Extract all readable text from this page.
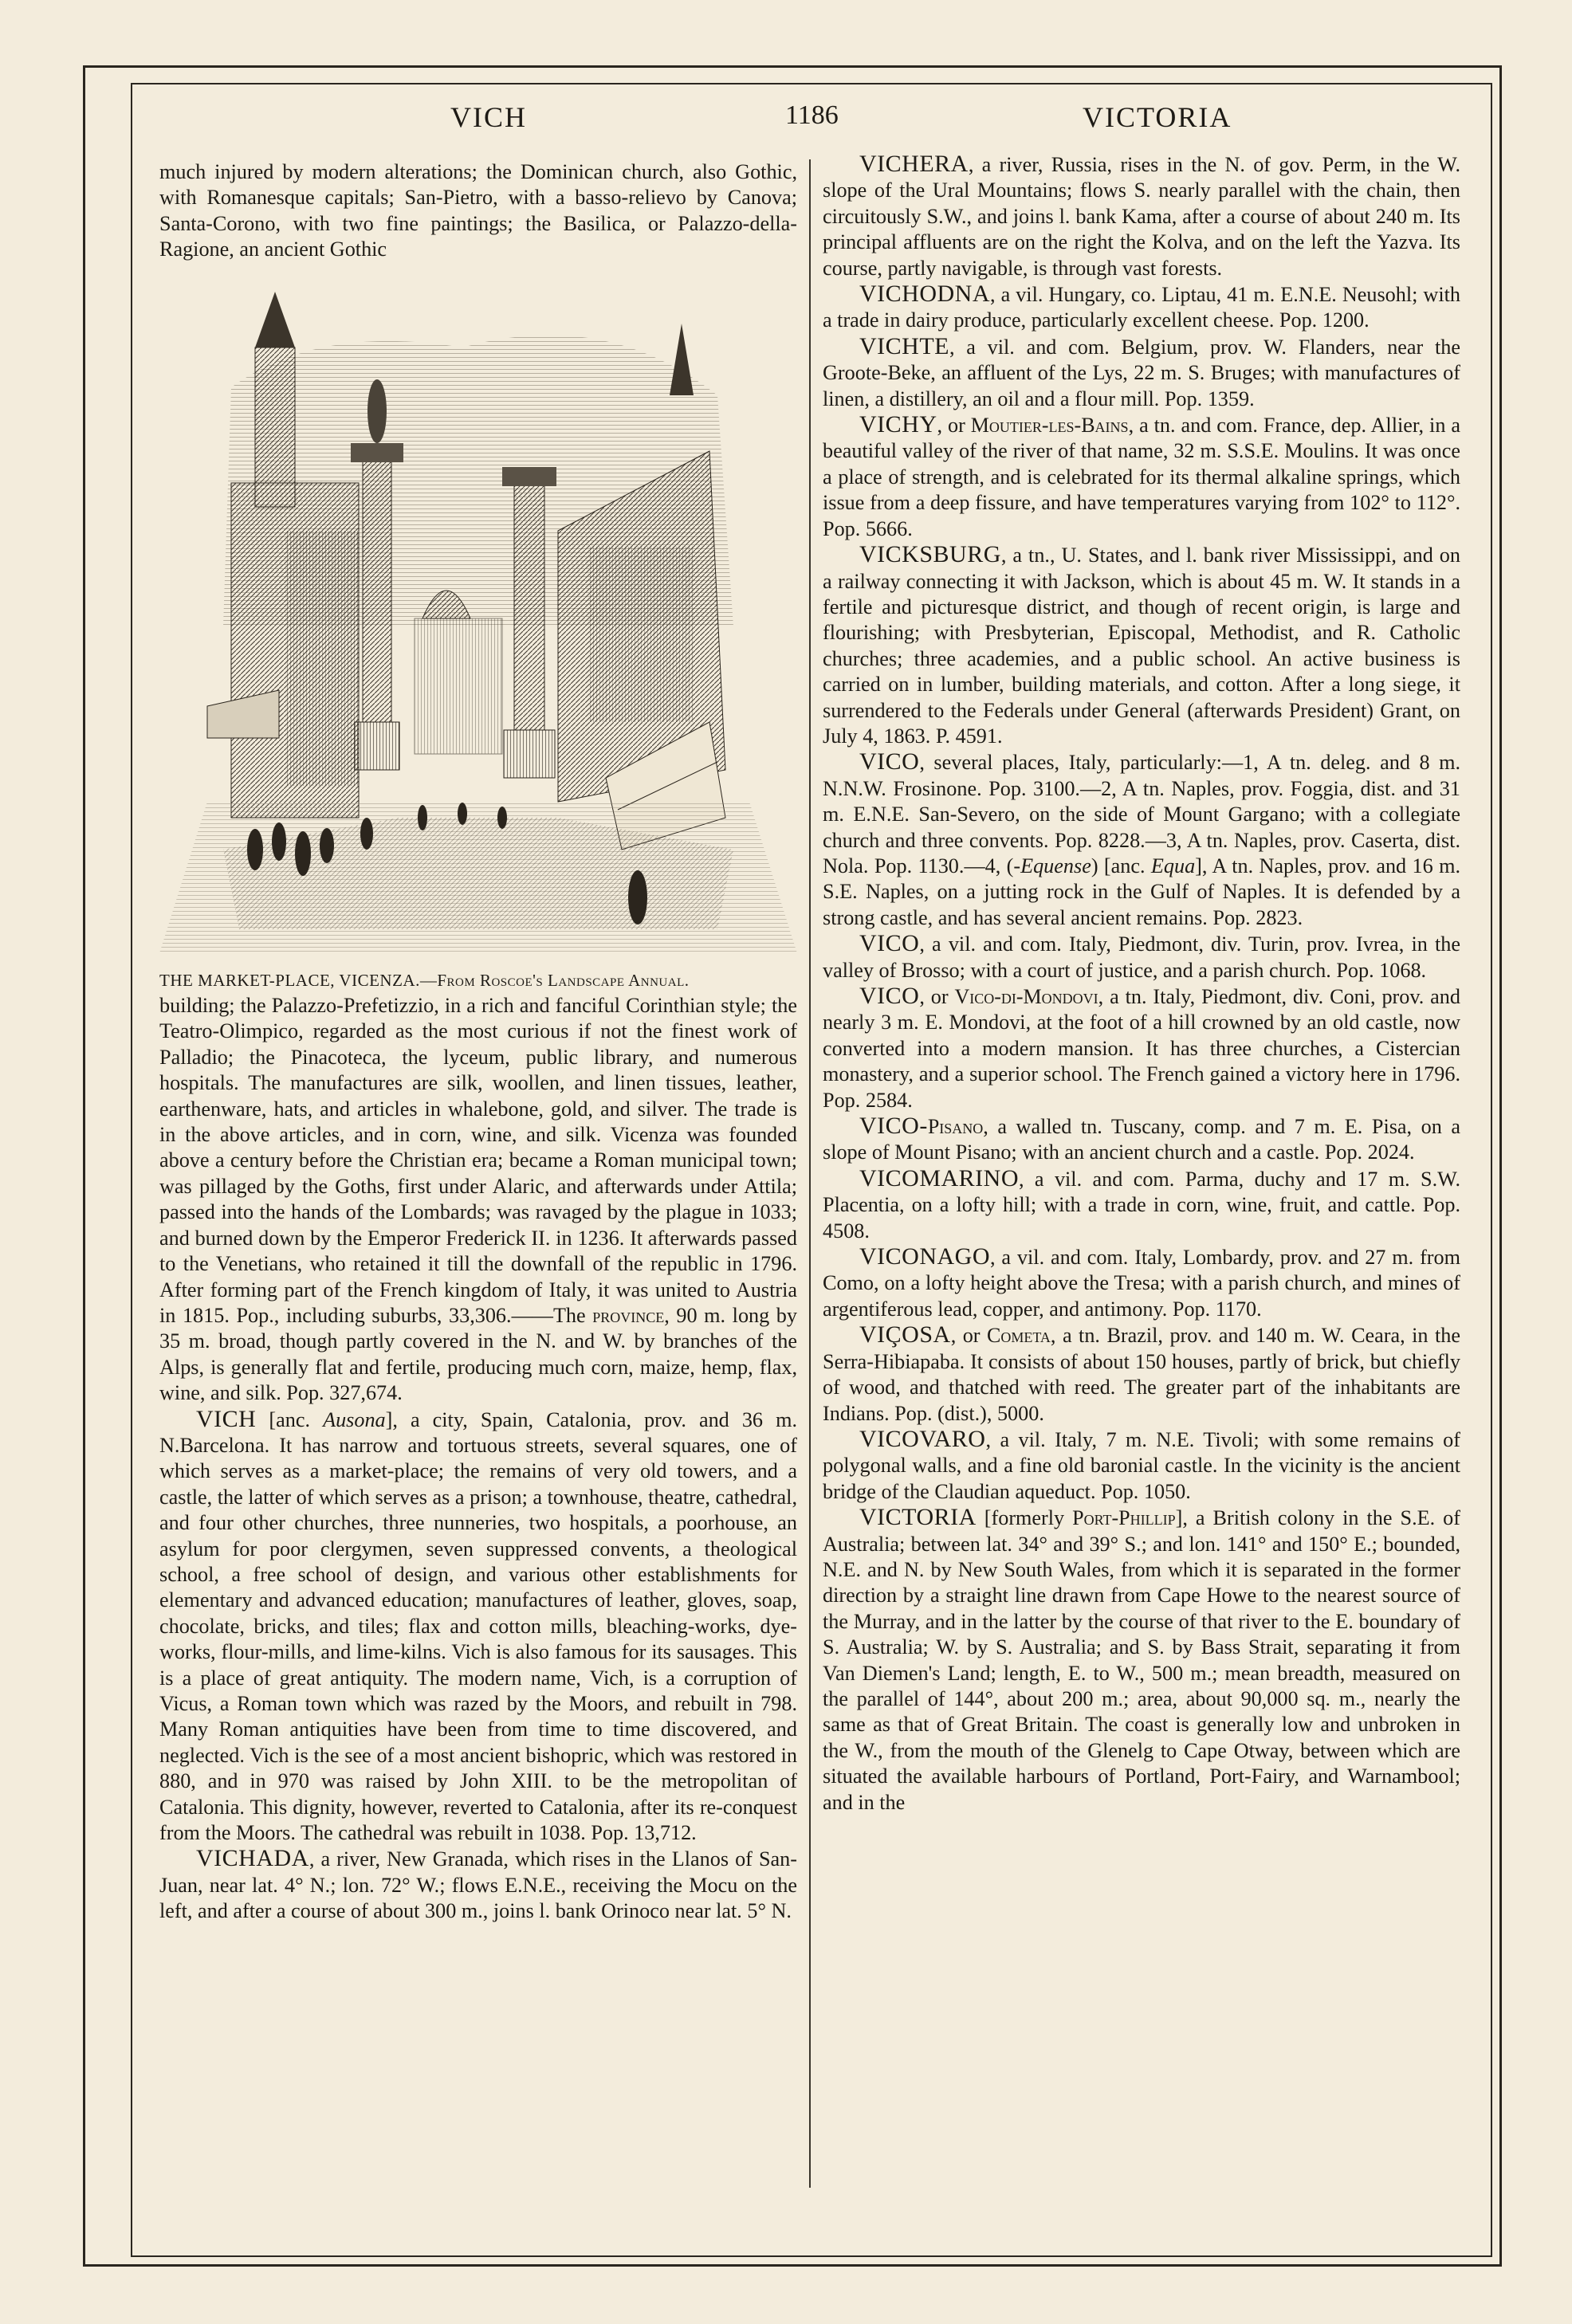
VICH	1186	VICTORIA

much injured by modern alterations; the Dominican church, also Gothic, with Romanesque capitals; San-Pietro, with a basso-relievo by Canova; Santa-Corono, with two fine paintings; the Basilica, or Palazzo-della-Ragione, an ancient Gothic

THE MARKET-PLACE, VICENZA.—From Roscoe's Landscape Annual.

building; the Palazzo-Prefetizzio, in a rich and fanciful Corinthian style; the Teatro-Olimpico, regarded as the most curious if not the finest work of Palladio; the Pinacoteca, the lyceum, public library, and numerous hospitals. The manufactures are silk, woollen, and linen tissues, leather, earthenware, hats, and articles in whalebone, gold, and silver. The trade is in the above articles, and in corn, wine, and silk. Vicenza was founded above a century before the Christian era; became a Roman municipal town; was pillaged by the Goths, first under Alaric, and afterwards under Attila; passed into the hands of the Lombards; was ravaged by the plague in 1033; and burned down by the Emperor Frederick II. in 1236. It afterwards passed to the Venetians, who retained it till the downfall of the republic in 1796. After forming part of the French kingdom of Italy, it was united to Austria in 1815. Pop., including suburbs, 33,306.——The province, 90 m. long by 35 m. broad, though partly covered in the N. and W. by branches of the Alps, is generally flat and fertile, producing much corn, maize, hemp, flax, wine, and silk. Pop. 327,674.

VICH [anc. Ausona], a city, Spain, Catalonia, prov. and 36 m. N.Barcelona. It has narrow and tortuous streets, several squares, one of which serves as a market-place; the remains of very old towers, and a castle, the latter of which serves as a prison; a townhouse, theatre, cathedral, and four other churches, three nunneries, two hospitals, a poorhouse, an asylum for poor clergymen, seven suppressed convents, a theological school, a free school of design, and various other establishments for elementary and advanced education; manufactures of leather, gloves, soap, chocolate, bricks, and tiles; flax and cotton mills, bleaching-works, dye-works, flour-mills, and lime-kilns. Vich is also famous for its sausages. This is a place of great antiquity. The modern name, Vich, is a corruption of Vicus, a Roman town which was razed by the Moors, and rebuilt in 798. Many Roman antiquities have been from time to time discovered, and neglected. Vich is the see of a most ancient bishopric, which was restored in 880, and in 970 was raised by John XIII. to be the metropolitan of Catalonia. This dignity, however, reverted to Catalonia, after its re-conquest from the Moors. The cathedral was rebuilt in 1038. Pop. 13,712.

VICHADA, a river, New Granada, which rises in the Llanos of San-Juan, near lat. 4° N.; lon. 72° W.; flows E.N.E., receiving the Mocu on the left, and after a course of about 300 m., joins l. bank Orinoco near lat. 5° N.

VICHERA, a river, Russia, rises in the N. of gov. Perm, in the W. slope of the Ural Mountains; flows S. nearly parallel with the chain, then circuitously S.W., and joins l. bank Kama, after a course of about 240 m. Its principal affluents are on the right the Kolva, and on the left the Yazva. Its course, partly navigable, is through vast forests.

VICHODNA, a vil. Hungary, co. Liptau, 41 m. E.N.E. Neusohl; with a trade in dairy produce, particularly excellent cheese. Pop. 1200.

VICHTE, a vil. and com. Belgium, prov. W. Flanders, near the Groote-Beke, an affluent of the Lys, 22 m. S. Bruges; with manufactures of linen, a distillery, an oil and a flour mill. Pop. 1359.

VICHY, or Moutier-les-Bains, a tn. and com. France, dep. Allier, in a beautiful valley of the river of that name, 32 m. S.S.E. Moulins. It was once a place of strength, and is celebrated for its thermal alkaline springs, which issue from a deep fissure, and have temperatures varying from 102° to 112°. Pop. 5666.

VICKSBURG, a tn., U. States, and l. bank river Mississippi, and on a railway connecting it with Jackson, which is about 45 m. W. It stands in a fertile and picturesque district, and though of recent origin, is large and flourishing; with Presbyterian, Episcopal, Methodist, and R. Catholic churches; three academies, and a public school. An active business is carried on in lumber, building materials, and cotton. After a long siege, it surrendered to the Federals under General (afterwards President) Grant, on July 4, 1863. P. 4591.

VICO, several places, Italy, particularly:—1, A tn. deleg. and 8 m. N.N.W. Frosinone. Pop. 3100.—2, A tn. Naples, prov. Foggia, dist. and 31 m. E.N.E. San-Severo, on the side of Mount Gargano; with a collegiate church and three convents. Pop. 8228.—3, A tn. Naples, prov. Caserta, dist. Nola. Pop. 1130.—4, (-Equense) [anc. Equa], A tn. Naples, prov. and 16 m. S.E. Naples, on a jutting rock in the Gulf of Naples. It is defended by a strong castle, and has several ancient remains. Pop. 2823.

VICO, a vil. and com. Italy, Piedmont, div. Turin, prov. Ivrea, in the valley of Brosso; with a court of justice, and a parish church. Pop. 1068.

VICO, or Vico-di-Mondovi, a tn. Italy, Piedmont, div. Coni, prov. and nearly 3 m. E. Mondovi, at the foot of a hill crowned by an old castle, now converted into a modern mansion. It has three churches, a Cistercian monastery, and a superior school. The French gained a victory here in 1796. Pop. 2584.

VICO-Pisano, a walled tn. Tuscany, comp. and 7 m. E. Pisa, on a slope of Mount Pisano; with an ancient church and a castle. Pop. 2024.

VICOMARINO, a vil. and com. Parma, duchy and 17 m. S.W. Placentia, on a lofty hill; with a trade in corn, wine, fruit, and cattle. Pop. 4508.

VICONAGO, a vil. and com. Italy, Lombardy, prov. and 27 m. from Como, on a lofty height above the Tresa; with a parish church, and mines of argentiferous lead, copper, and antimony. Pop. 1170.

VIÇOSA, or Cometa, a tn. Brazil, prov. and 140 m. W. Ceara, in the Serra-Hibiapaba. It consists of about 150 houses, partly of brick, but chiefly of wood, and thatched with reed. The greater part of the inhabitants are Indians. Pop. (dist.), 5000.

VICOVARO, a vil. Italy, 7 m. N.E. Tivoli; with some remains of polygonal walls, and a fine old baronial castle. In the vicinity is the ancient bridge of the Claudian aqueduct. Pop. 1050.

VICTORIA [formerly Port-Phillip], a British colony in the S.E. of Australia; between lat. 34° and 39° S.; and lon. 141° and 150° E.; bounded, N.E. and N. by New South Wales, from which it is separated in the former direction by a straight line drawn from Cape Howe to the nearest source of the Murray, and in the latter by the course of that river to the E. boundary of S. Australia; W. by S. Australia; and S. by Bass Strait, separating it from Van Diemen's Land; length, E. to W., 500 m.; mean breadth, measured on the parallel of 144°, about 200 m.; area, about 90,000 sq. m., nearly the same as that of Great Britain. The coast is generally low and unbroken in the W., from the mouth of the Glenelg to Cape Otway, between which are situated the available harbours of Portland, Port-Fairy, and Warnambool; and in the
